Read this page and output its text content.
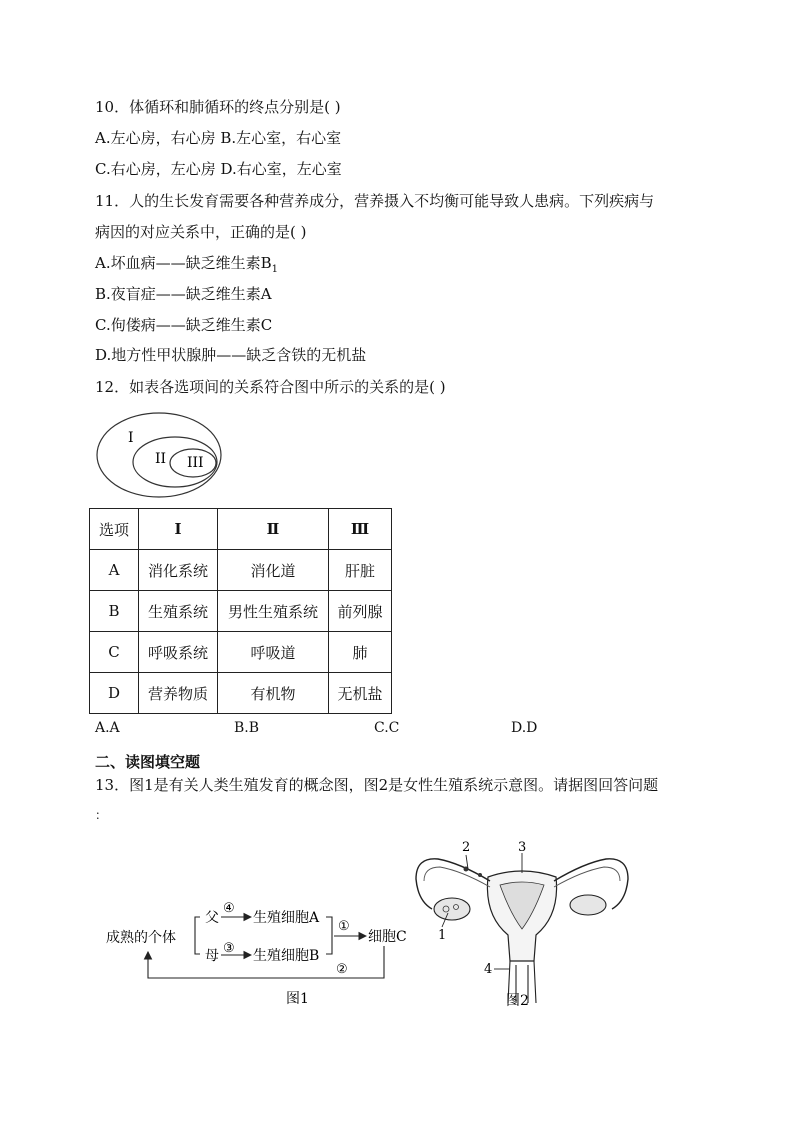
10．体循环和肺循环的终点分别是( )
A.左心房，右心房 B.左心室，右心室
C.右心房，左心房 D.右心室，左心室
11．人的生长发育需要各种营养成分，营养摄入不均衡可能导致人患病。下列疾病与
病因的对应关系中，正确的是( )
A.坏血病——缺乏维生素$B_1$
B.夜盲症——缺乏维生素A
C.佝偻病——缺乏维生素C
D.地方性甲状腺肿——缺乏含铁的无机盐
12．如表各选项间的关系符合图中所示的关系的是( )
I
II III
选项	Ⅰ	Ⅱ	Ⅲ
A	消化系统	消化道	肝脏
B	生殖系统	男性生殖系统	前列腺
C	呼吸系统	呼吸道	肺
D	营养物质	有机物	无机盐
A.A	B.B	C.C	D.D
二、读图填空题
13．图1是有关人类生殖发育的概念图，图2是女性生殖系统示意图。请据图回答问题
：
成熟的个体
父
母
④
③
生殖细胞A
生殖细胞B
①
细胞C
②
图1
1
2	3
4
图2
